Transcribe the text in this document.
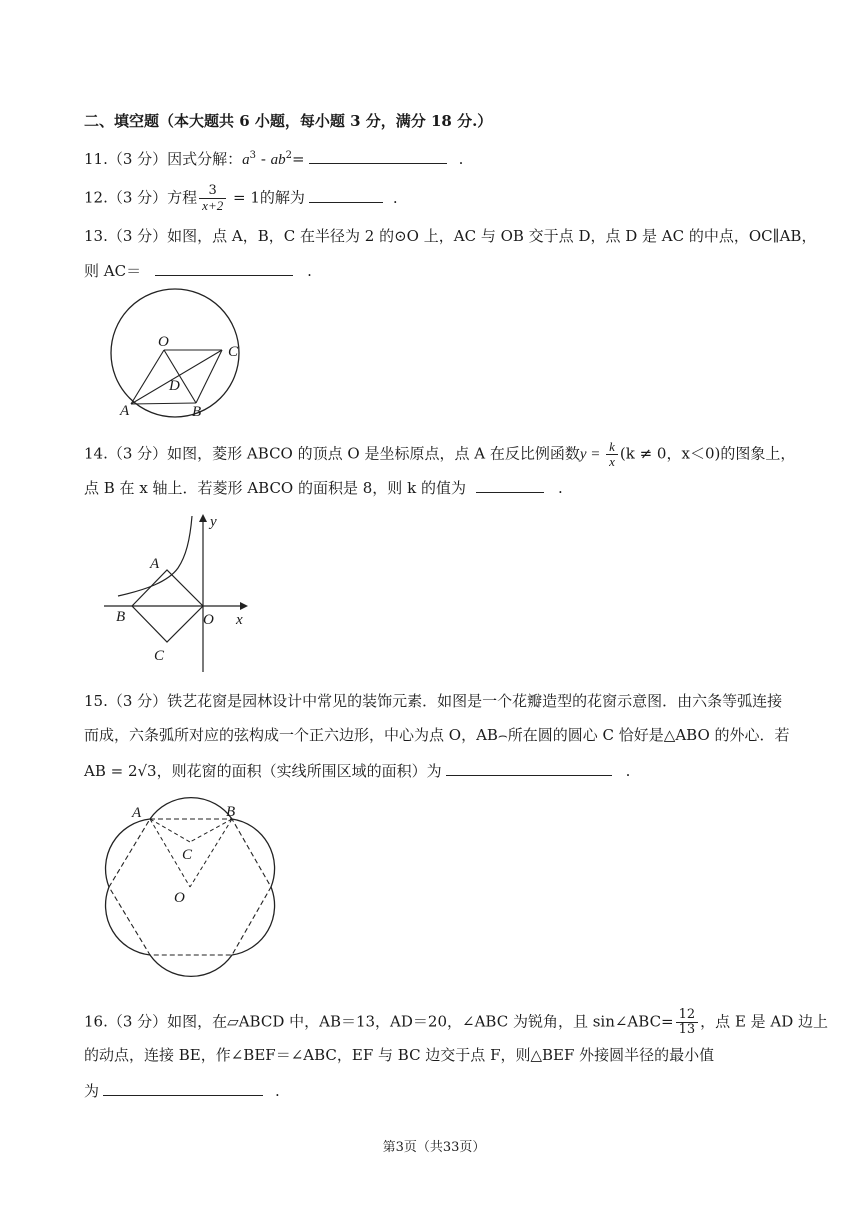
二、填空题（本大题共 6 小题，每小题 3 分，满分 18 分.）
11.（3 分）因式分解：$a^3 - ab^2=$	.
12.（3 分）方程 $\frac{3}{x+2} = 1$的解为	.
13.（3 分）如图，点 A，B，C 在半径为 2 的⊙O 上，AC 与 OB 交于点 D，点 D 是 AC 的中点，OC∥AB，
则 AC＝	.
O
C
D
A	B
14.（3 分）如图，菱形 ABCO 的顶点 O 是坐标原点，点 A 在反比例函数$y = \frac{k}{x} (k \ne 0$，x＜0)的图象上，
点 B 在 x 轴上．若菱形 ABCO 的面积是 8，则 k 的值为	.
y
x
A
B	O
C
15.（3 分）铁艺花窗是园林设计中常见的装饰元素．如图是一个花瓣造型的花窗示意图．由六条等弧连接
而成，六条弧所对应的弦构成一个正六边形，中心为点 O，AB⌢所在圆的圆心 C 恰好是△ABO 的外心．若
AB = 2√3，则花窗的面积（实线所围区域的面积）为	.
A	B
C
O
16.（3 分）如图，在▱ABCD 中，AB＝13，AD＝20，∠ABC 为锐角，且 sin∠ABC= $\frac{12}{13}$ ，点 E 是 AD 边上
的动点，连接 BE，作∠BEF＝∠ABC，EF 与 BC 边交于点 F，则△BEF 外接圆半径的最小值
为	.
第3页（共33页）
